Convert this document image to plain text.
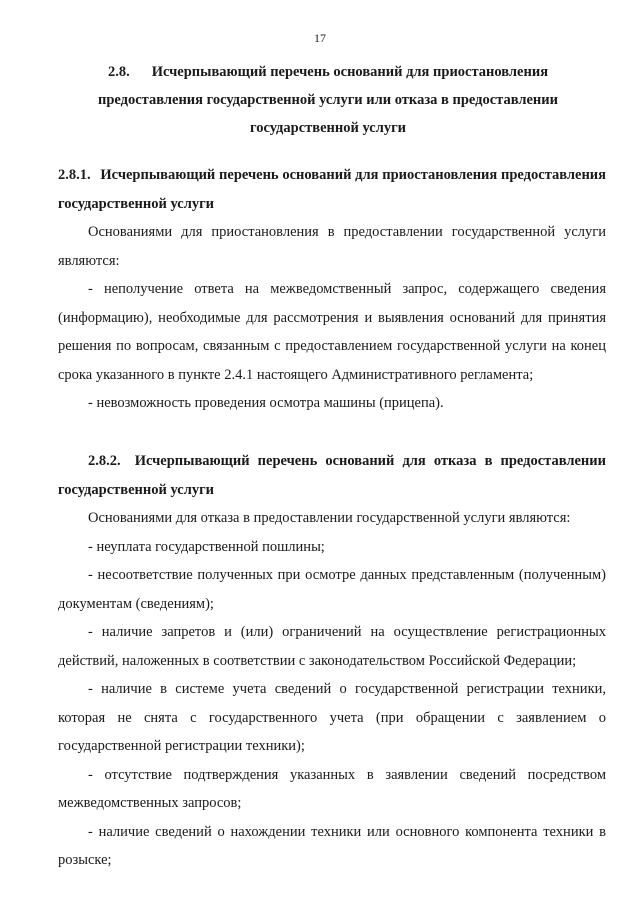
17
2.8. Исчерпывающий перечень оснований для приостановления предоставления государственной услуги или отказа в предоставлении государственной услуги
2.8.1. Исчерпывающий перечень оснований для приостановления предоставления государственной услуги

Основаниями для приостановления в предоставлении государственной услуги являются:

- неполучение ответа на межведомственный запрос, содержащего сведения (информацию), необходимые для рассмотрения и выявления оснований для принятия решения по вопросам, связанным с предоставлением государственной услуги на конец срока указанного в пункте 2.4.1 настоящего Административного регламента;

- невозможность проведения осмотра машины (прицепа).

2.8.2. Исчерпывающий перечень оснований для отказа в предоставлении государственной услуги

Основаниями для отказа в предоставлении государственной услуги являются:

- неуплата государственной пошлины;

- несоответствие полученных при осмотре данных представленным (полученным) документам (сведениям);

- наличие запретов и (или) ограничений на осуществление регистрационных действий, наложенных в соответствии с законодательством Российской Федерации;

- наличие в системе учета сведений о государственной регистрации техники, которая не снята с государственного учета (при обращении с заявлением о государственной регистрации техники);

- отсутствие подтверждения указанных в заявлении сведений посредством межведомственных запросов;

- наличие сведений о нахождении техники или основного компонента техники в розыске;
